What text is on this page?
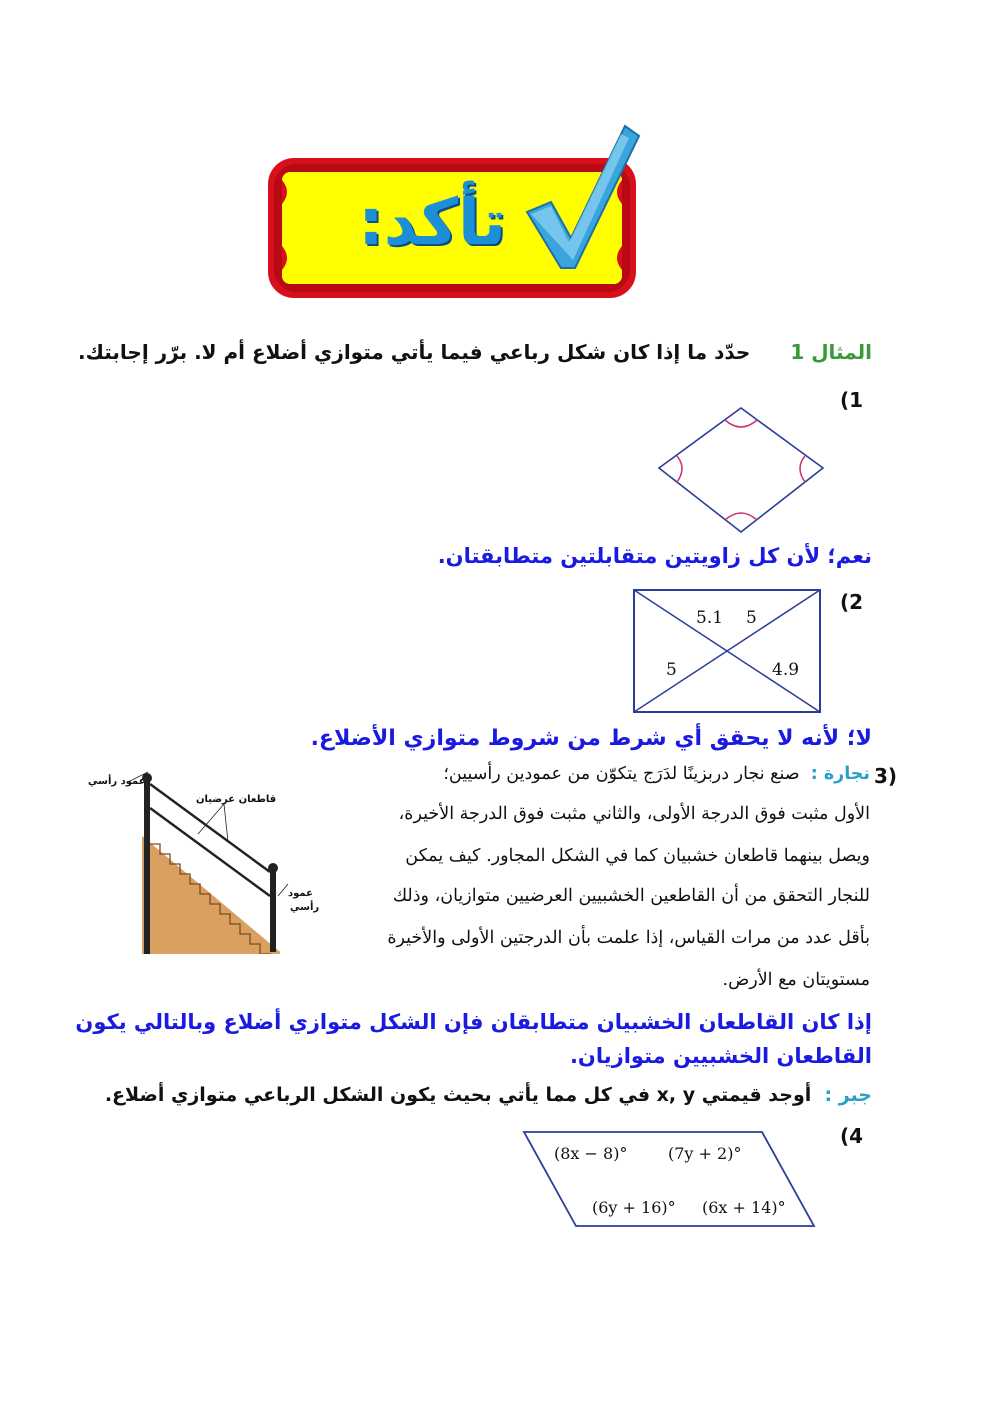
تأكد:
المثال 1حدّد ما إذا كان شكل رباعي فيما يأتي متوازي أضلاع أم لا. برّر إجابتك.
(1
نعم؛ لأن كل زاويتين متقابلتين متطابقتان.
(2
5.1 5
5	4.9
لا؛ لأنه لا يحقق أي شرط من شروط متوازي الأضلاع.
3)
نجارة :  صنع نجار دربزينًا لدَرَج يتكوّن من عمودين رأسيين؛
الأول مثبت فوق الدرجة الأولى، والثاني مثبت فوق الدرجة الأخيرة،
ويصل بينهما قاطعان خشبيان كما في الشكل المجاور. كيف يمكن
للنجار التحقق من أن القاطعين الخشبيين العرضيين متوازيان، وذلك
بأقل عدد من مرات القياس، إذا علمت بأن الدرجتين الأولى والأخيرة
مستويتان مع الأرض.
عمود رأسي
قاطعان عرضيان
عمود
رأسي
إذا كان القاطعان الخشبيان متطابقان فإن الشكل متوازي أضلاع وبالتالي يكون
القاطعان الخشبيين متوازيان.
جبر :  أوجد قيمتي x, y في كل مما يأتي بحيث يكون الشكل الرباعي متوازي أضلاع.
(4
(8x − 8)°	(7y + 2)°
(6y + 16)° (6x + 14)°
